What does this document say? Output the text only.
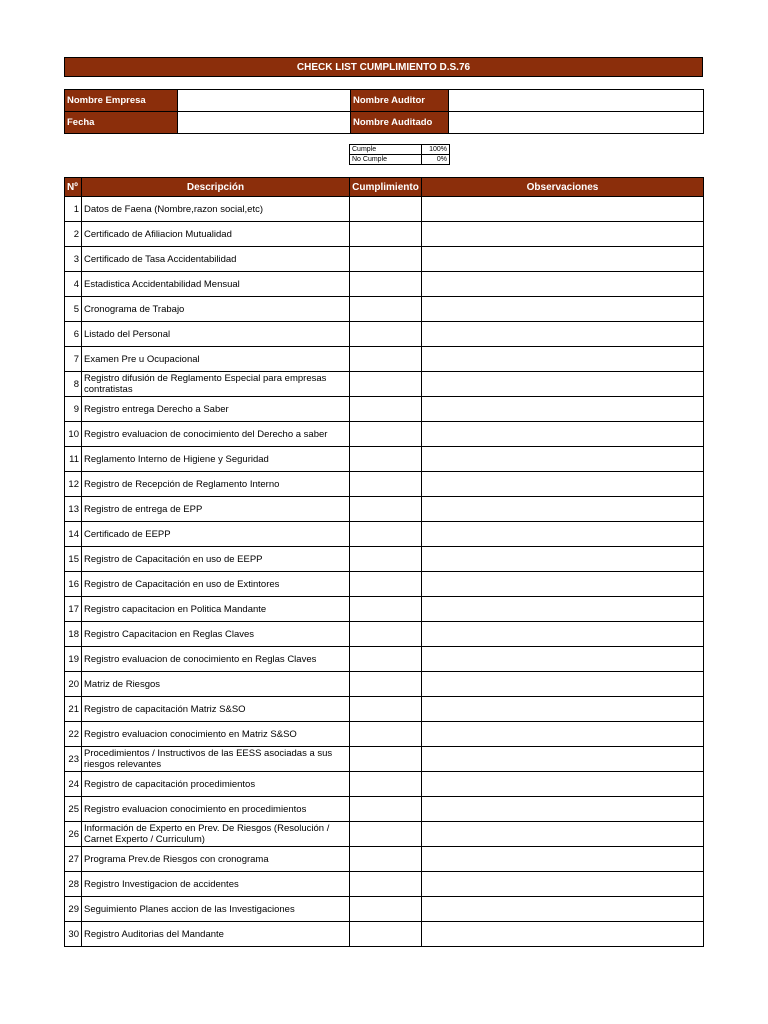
CHECK LIST CUMPLIMIENTO D.S.76
Nombre Empresa		Nombre Auditor	
Fecha		Nombre Auditado	
Cumple	100%
No Cumple	0%
Nº	Descripción	Cumplimiento	Observaciones
1	Datos de Faena (Nombre,razon social,etc)		
2	Certificado de Afiliacion Mutualidad		
3	Certificado de Tasa Accidentabilidad		
4	Estadistica Accidentabilidad Mensual		
5	Cronograma de Trabajo		
6	Listado del Personal		
7	Examen Pre u Ocupacional		
8	Registro difusión de Reglamento Especial para empresas contratistas		
9	Registro entrega Derecho a Saber		
10	Registro evaluacion de conocimiento del Derecho a saber		
11	Reglamento Interno de Higiene y Seguridad		
12	Registro de Recepción de Reglamento Interno		
13	Registro de entrega de EPP		
14	Certificado de EEPP		
15	Registro de Capacitación en uso de EEPP		
16	Registro de Capacitación en uso de Extintores		
17	Registro capacitacion en Politica Mandante		
18	Registro Capacitacion en Reglas Claves		
19	Registro evaluacion de conocimiento en Reglas Claves		
20	Matriz de Riesgos		
21	Registro de capacitación Matriz S&SO		
22	Registro evaluacion conocimiento en Matriz S&SO		
23	Procedimientos / Instructivos de las EESS asociadas a sus riesgos relevantes		
24	Registro de capacitación procedimientos		
25	Registro evaluacion conocimiento en procedimientos		
26	Información de Experto en Prev. De Riesgos (Resolución / Carnet Experto / Curriculum)		
27	Programa Prev.de Riesgos con cronograma		
28	Registro Investigacion de accidentes		
29	Seguimiento Planes accion de las Investigaciones		
30	Registro Auditorias del Mandante		
